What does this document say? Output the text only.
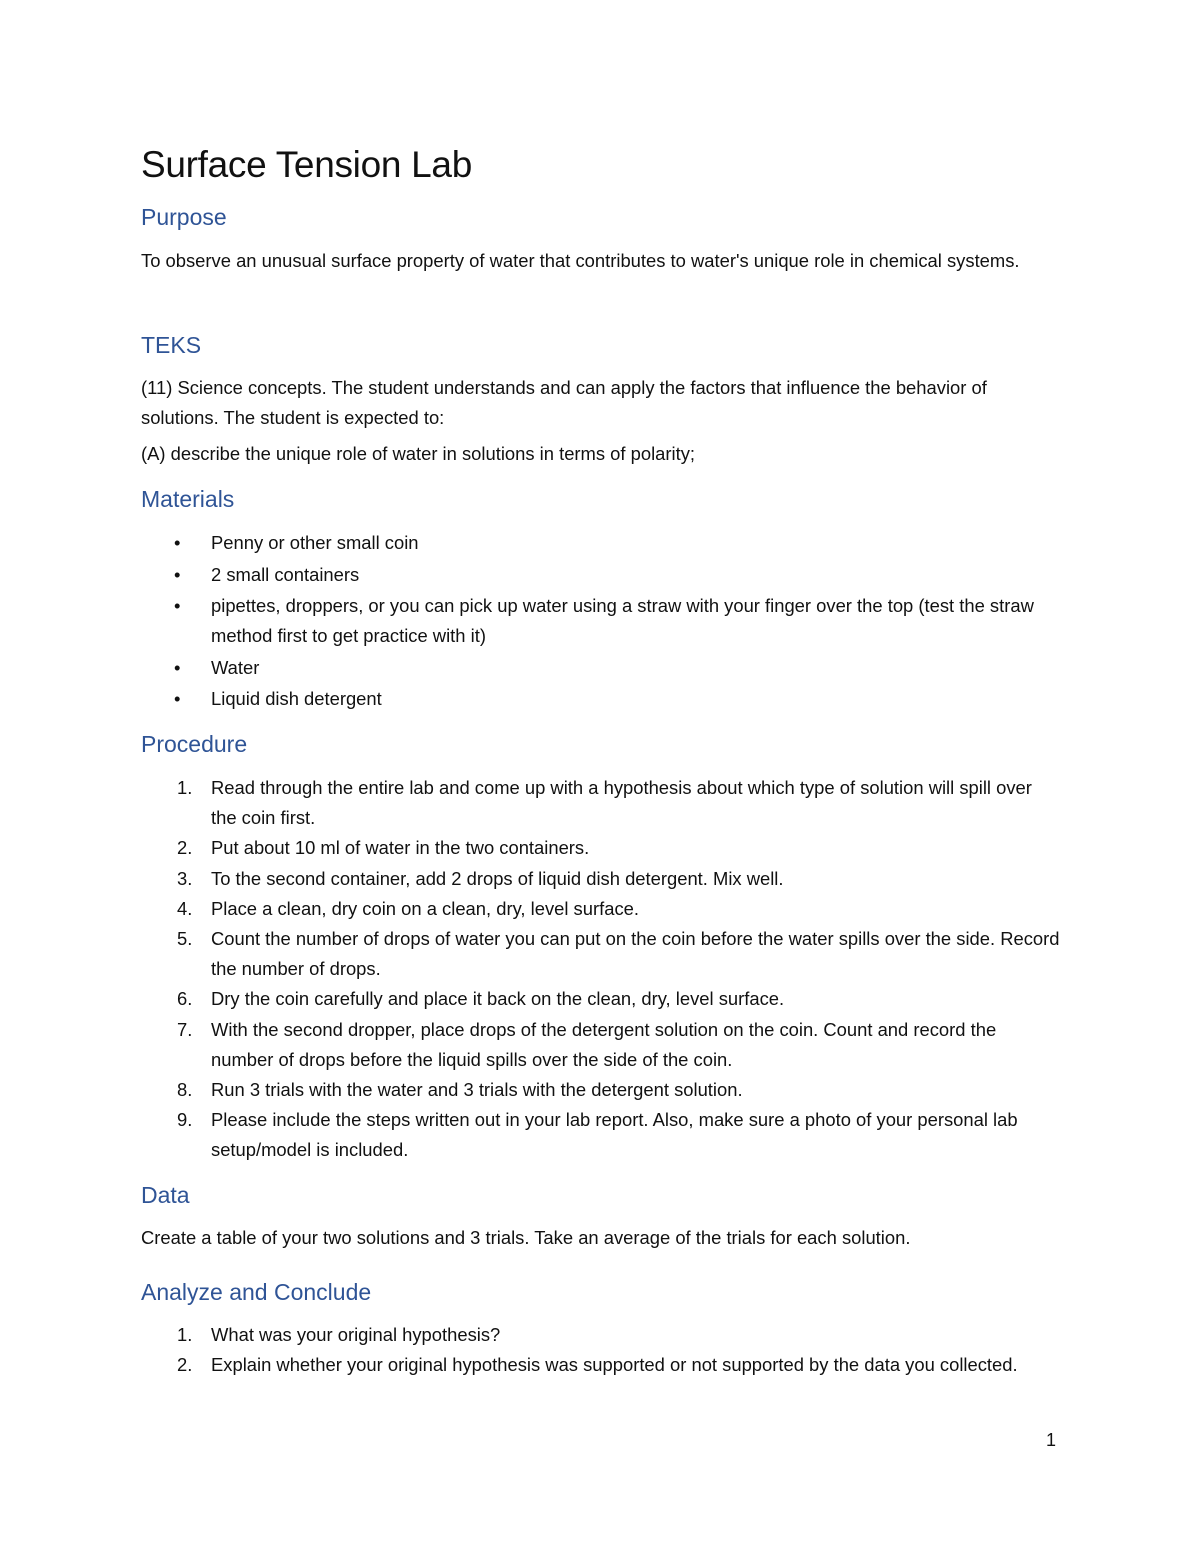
Surface Tension Lab
Purpose

To observe an unusual surface property of water that contributes to water's unique role in chemical systems.

TEKS

(11) Science concepts. The student understands and can apply the factors that influence the behavior of solutions. The student is expected to:

(A) describe the unique role of water in solutions in terms of polarity;

Materials
• Penny or other small coin
• 2 small containers
• pipettes, droppers, or you can pick up water using a straw with your finger over the top (test the straw method first to get practice with it)
• Water
• Liquid dish detergent
Procedure
1. Read through the entire lab and come up with a hypothesis about which type of solution will spill over the coin first.
2. Put about 10 ml of water in the two containers.
3. To the second container, add 2 drops of liquid dish detergent. Mix well.
4. Place a clean, dry coin on a clean, dry, level surface.
5. Count the number of drops of water you can put on the coin before the water spills over the side. Record the number of drops.
6. Dry the coin carefully and place it back on the clean, dry, level surface.
7. With the second dropper, place drops of the detergent solution on the coin. Count and record the number of drops before the liquid spills over the side of the coin.
8. Run 3 trials with the water and 3 trials with the detergent solution.
9. Please include the steps written out in your lab report. Also, make sure a photo of your personal lab setup/model is included.
Data

Create a table of your two solutions and 3 trials. Take an average of the trials for each solution.

Analyze and Conclude
1. What was your original hypothesis?
2. Explain whether your original hypothesis was supported or not supported by the data you collected.
1
